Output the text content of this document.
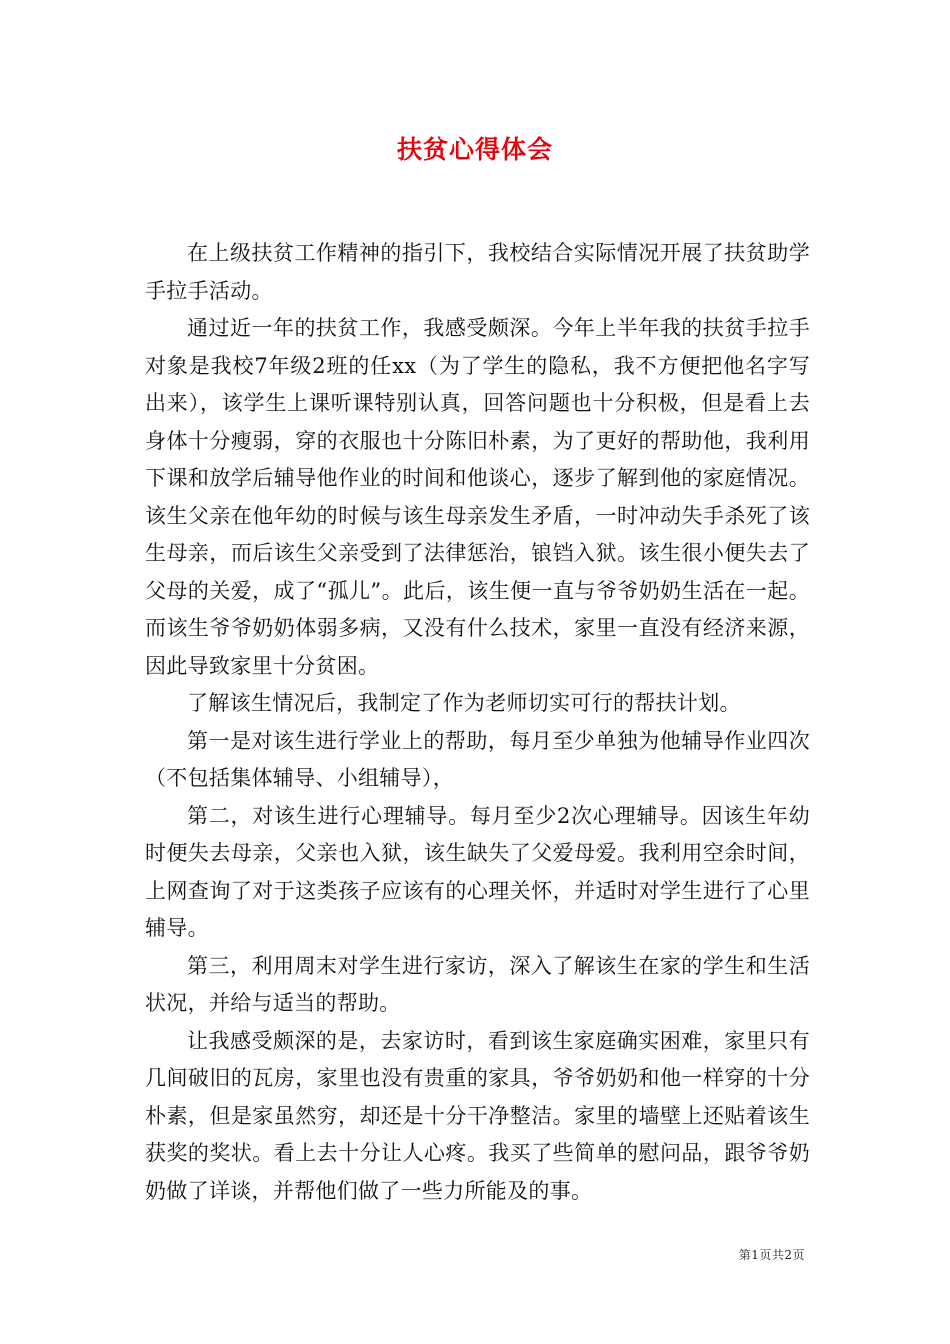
扶贫心得体会

在上级扶贫工作精神的指引下，我校结合实际情况开展了扶贫助学手拉手活动。

通过近一年的扶贫工作，我感受颇深。今年上半年我的扶贫手拉手对象是我校7年级2班的任xx（为了学生的隐私，我不方便把他名字写出来），该学生上课听课特别认真，回答问题也十分积极，但是看上去身体十分瘦弱，穿的衣服也十分陈旧朴素，为了更好的帮助他，我利用下课和放学后辅导他作业的时间和他谈心，逐步了解到他的家庭情况。该生父亲在他年幼的时候与该生母亲发生矛盾，一时冲动失手杀死了该生母亲，而后该生父亲受到了法律惩治，锒铛入狱。该生很小便失去了父母的关爱，成了“孤儿”。此后，该生便一直与爷爷奶奶生活在一起。而该生爷爷奶奶体弱多病，又没有什么技术，家里一直没有经济来源，因此导致家里十分贫困。

了解该生情况后，我制定了作为老师切实可行的帮扶计划。

第一是对该生进行学业上的帮助，每月至少单独为他辅导作业四次（不包括集体辅导、小组辅导），

第二，对该生进行心理辅导。每月至少2次心理辅导。因该生年幼时便失去母亲，父亲也入狱，该生缺失了父爱母爱。我利用空余时间，上网查询了对于这类孩子应该有的心理关怀，并适时对学生进行了心里辅导。

第三，利用周末对学生进行家访，深入了解该生在家的学生和生活状况，并给与适当的帮助。

让我感受颇深的是，去家访时，看到该生家庭确实困难，家里只有几间破旧的瓦房，家里也没有贵重的家具，爷爷奶奶和他一样穿的十分朴素，但是家虽然穷，却还是十分干净整洁。家里的墙壁上还贴着该生获奖的奖状。看上去十分让人心疼。我买了些简单的慰问品，跟爷爷奶奶做了详谈，并帮他们做了一些力所能及的事。

第1页共2页
